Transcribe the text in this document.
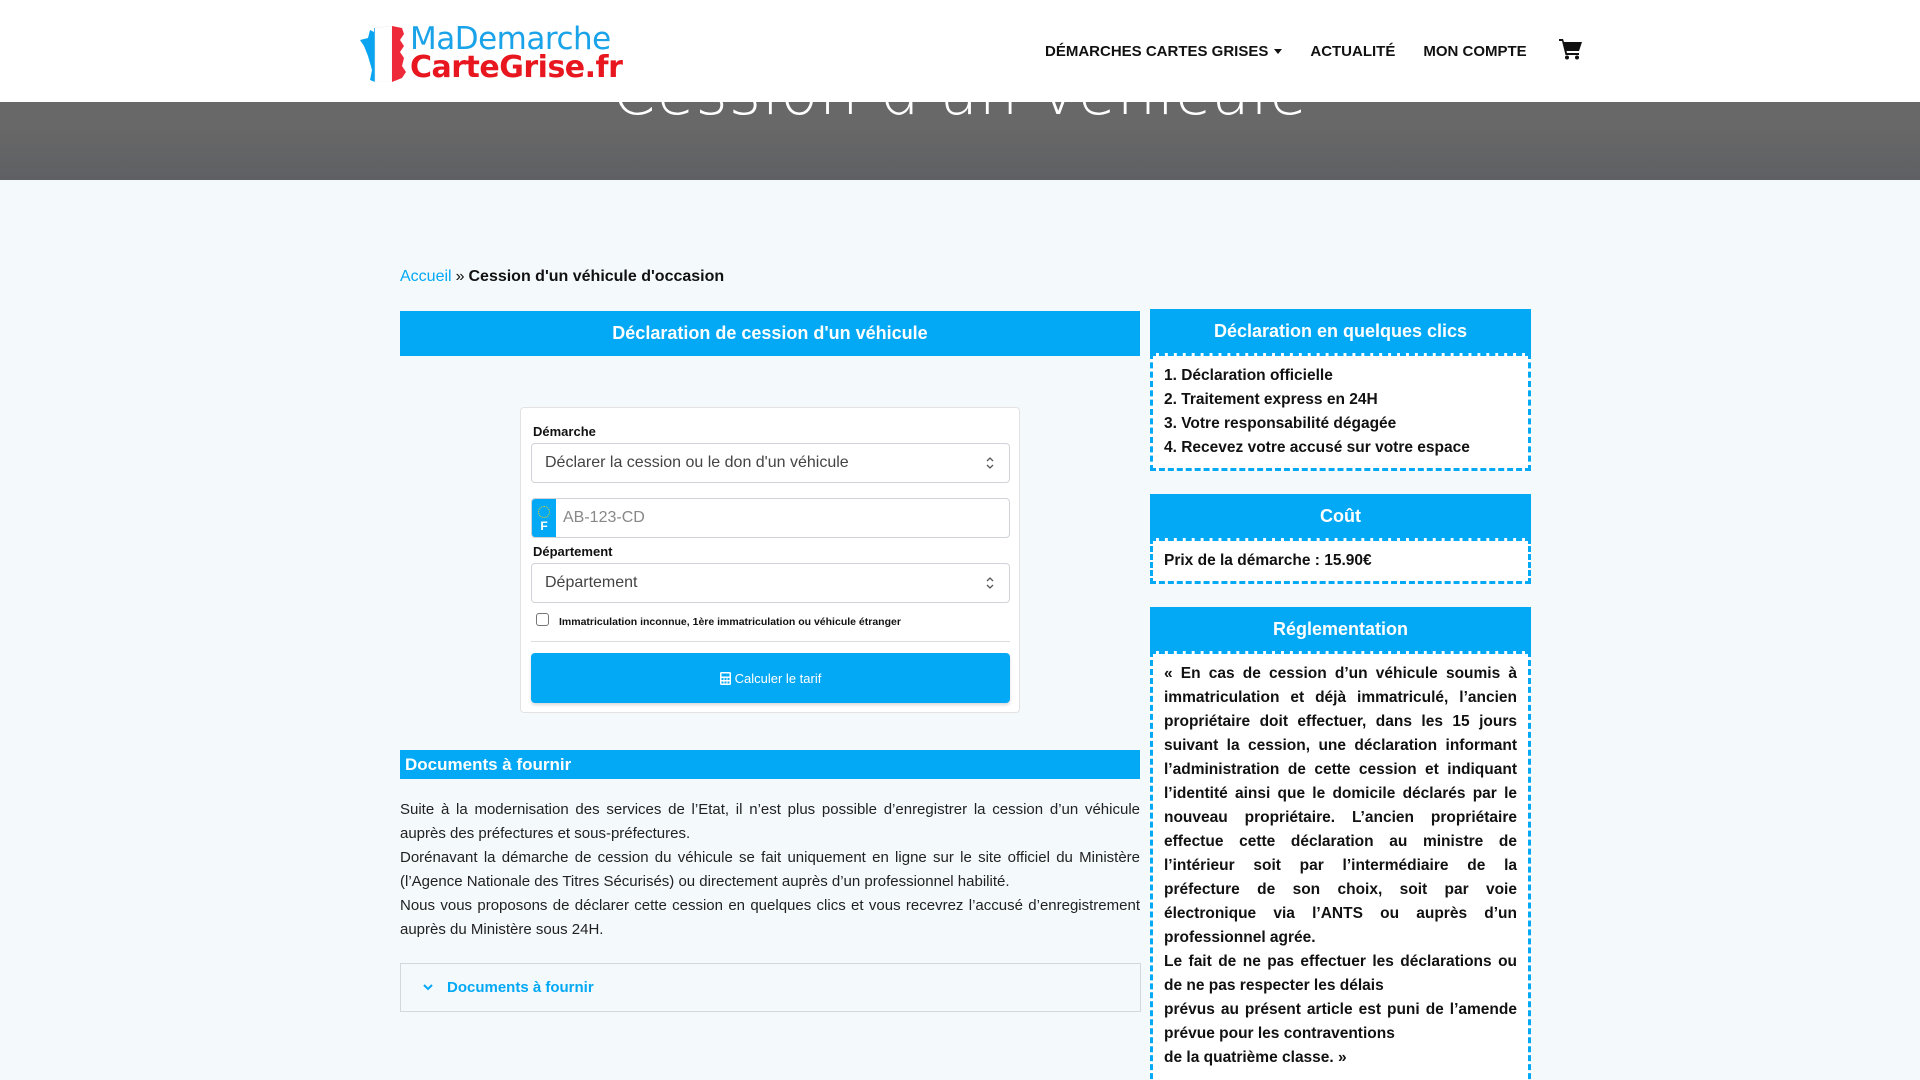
MaDemarche
CarteGrise.fr	DÉMARCHES CARTES GRISES	ACTUALITÉ MON COMPTE
Accueil » Cession d'un véhicule d'occasion
Déclaration de cession d'un véhicule
Démarche
Déclarer la cession ou le don d'un véhicule
F AB-123-CD
Département
Département
Immatriculation inconnue, 1ère immatriculation ou véhicule étranger
Calculer le tarif
Documents à fournir

Suite à la modernisation des services de l’Etat, il n’est plus possible d’enregistrer la cession d’un véhicule auprès des préfectures et sous-préfectures.

Dorénavant la démarche de cession du véhicule se fait uniquement en ligne sur le site officiel du Ministère (l’Agence Nationale des Titres Sécurisés) ou directement auprès d’un professionnel habilité.

Nous vous proposons de déclarer cette cession en quelques clics et vous recevrez l’accusé d’enregistrement auprès du Ministère sous 24H.

Documents à fournir
Déclaration en quelques clics
1. Déclaration officielle
2. Traitement express en 24H
3. Votre responsabilité dégagée
4. Recevez votre accusé sur votre espace
Coût
Prix de la démarche : 15.90€
Réglementation
« En cas de cession d’un véhicule soumis à immatriculation et déjà immatriculé, l’ancien propriétaire doit effectuer, dans les 15 jours suivant la cession, une déclaration informant l’administration de cette cession et indiquant l’identité ainsi que le domicile déclarés par le nouveau propriétaire. L’ancien propriétaire effectue cette déclaration au ministre de l’intérieur soit par l’intermédiaire de la préfecture de son choix, soit par voie électronique via l’ANTS ou auprès d’un professionnel agrée.
Le fait de ne pas effectuer les déclarations ou de ne pas respecter les délais
prévus au présent article est puni de l’amende prévue pour les contraventions
de la quatrième classe. »
